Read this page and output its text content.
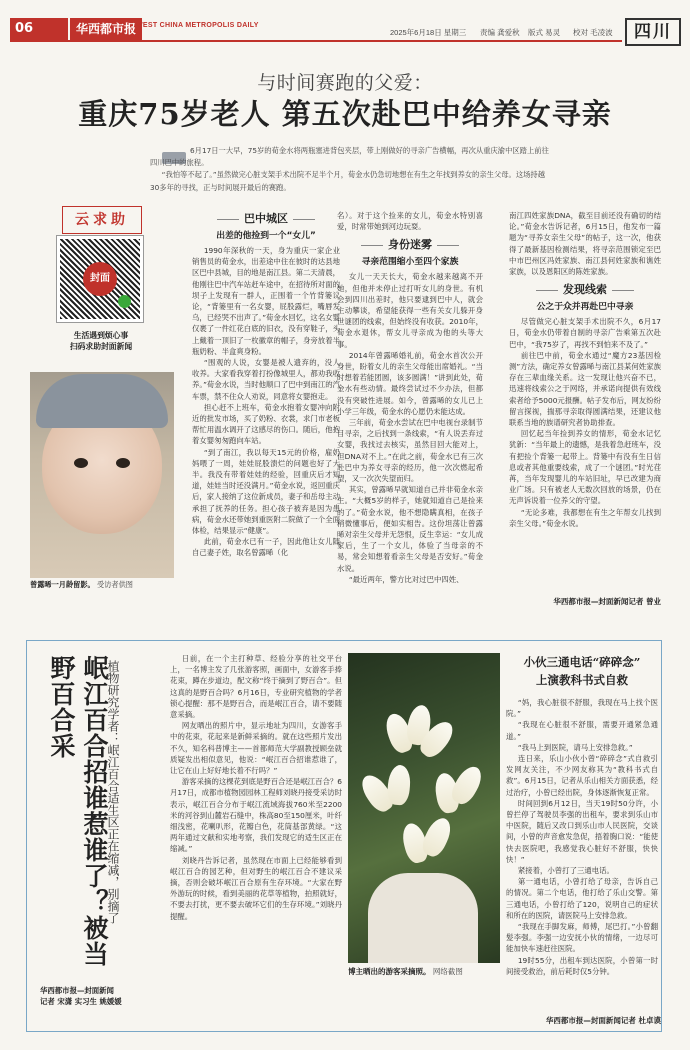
06	华西都市报 WEST CHINA METROPOLIS DAILY
2025年6月18日 星期三 责编 龚爱秋 版式 易灵 校对 毛凌波	四川
与时间赛跑的父爱：
重庆75岁老人 第五次赴巴中给养女寻亲

6月17日一大早，75岁的荀金水将两瓶塞进背包夹层，带上刚做好的寻亲广告横幅，再次从重庆渝中区踏上前往四川巴中的旅程。

“我怕等不起了。”虽然做完心脏支架手术出院不足半个月，荀金水仍急切地想在有生之年找到养女的亲生父母。这场持越30多年的寻找，正与时间展开最后的赛跑。

云求助
封面
生活遇到烦心事
扫码求助封面新闻
曾露晞一月龄留影。 受访者供图
巴中城区
出差的他捡到一个“女儿”

1990年深秋的一天，身为重庆一家企业销售员的荀金水，出差途中住在彼时的达县地区巴中县城，目的地是南江县。第二天清晨，他刚往巴中汽车站赶车途中，在招待所对面的坝子上发现有一群人，正围着一个竹背篓议论，“背篓里有一名女婴，屁股露烂，嘴唇发乌，已经哭不出声了。”荀金水回忆，这名女婴仅裹了一件红花白底的旧衣，没有穿鞋子，头上戴着一顶旧了一枚徽章的帽子，身旁放着半瓶奶粉、半盒爽身粉。

“围观的人说，女婴是被人遗弃的，没人收养。大家看我穿着打扮像城里人，都劝我收养。”荀金水说，当时他顺口了巴中到南江的汽车票，禁不住众人劝说，同意将女婴抱走。

担心赶不上班车，荀金水抱着女婴冲向附近的批发市场，买了奶粉、衣裳，求门市老板帮忙用温水调开了这感尽的伤口。随后，他抱着女婴匆匆跑向车站。

“到了南江，我以每天15元的价格，雇奶妈喂了一周，娃娃屁股溃烂的问题也好了大半。我没有带着娃娃的经验，回重庆后才知道，娃娃当时还没满月。”荀金水说，返回重庆后，家人接纳了这位新成员，妻子和岳母主动承担了抚养的任务。担心孩子被弃是因为患病，荀金水还带她到重医附二院做了一个全面体检，结果显示“健康”。

此前，荀金水已有一子，因此他让女儿随自己妻子姓，取名曾露晞（化

名）。对于这个捡来的女儿，荀金水特别喜爱，时常带她到河边玩耍。

身份迷雾
寻亲范围缩小至四个家族

女儿一天天长大，荀金水越来越离不开她，但他并未停止过打听女儿的身世。有机会到四川出差时，他只要逮到巴中人，就会主动攀谈，希望能获得一些有关女儿躲开身世谜团的线索，但始终没有收获。2010年，荀金水退休，帮女儿寻亲成为他的头等大事。

2014年曾露晞婚礼前，荀金水首次公开身世，盼着女儿的亲生父母能出席婚礼。“当时想着若能团圆，该多圆满！”讲到此处，荀金水有些动情。最终尝试过不少办法，但都没有突破性进展。如今，曾露晞的女儿已上小学三年级，荀金水的心愿仍未能达成。

三年前，荀金水尝试在巴中电视台录制节目寻亲，之后找到一条线索，“有人说丢弃过女婴，我找过去核实，虽然目回大能对上，但DNA对不上。”在此之前，荀金水已有三次赴巴中为养女寻亲的经历，他一次次燃起希望，又一次次失望而归。

其实，曾露晞早就知道自己并非荀金水亲生。“大概5岁的样子，她就知道自己是捡来的了。”荀金水说，他不想隐瞒真相，在孩子稍微懂事后，便如实相告。这份坦荡让曾露晞对亲生父母并无怨恨，反生幸运：“女儿成家后，生了一个女儿，体验了当母亲的不易，常会知想着看亲生父母是否安好。”荀金水说。

“最近两年，警方比对过巴中四姓、

南江四姓家族DNA，截至目前还没有确切的结论。”荀金水告诉记者，6月15日，他发布一篇题为“寻养女亲生父母”的帖子，这一次，他获得了最新基因检测结果，将寻亲范围锁定至巴中市巴州区冯姓家族、南江县何姓家族和谯姓家族，以及恩阳区的陈姓家族。

发现线索
公之于众并再赴巴中寻亲

尽管做完心脏支架手术出院不久，6月17日，荀金水仍带着自制的寻亲广告乘第五次赴巴中，“我75岁了，再找不到怕来不及了。”

前往巴中前，荀金水通过“魔方23基因检测”方法，确定养女曾露晞与南江县某何姓家族存在三辈血缘关系。这一发现让他兴奋不已，迅速将线索公之于网络，并承诺向提供有效线索者给予5000元报酬。帖子发布后，网友纷纷留言探视，揣那寻亲取得圆满结果，还建议他联系当地的族谱研究者协助排查。

回忆起当年捡到养女的情形，荀金水记忆犹新：“当年最上的遗憾，是我着急赶班车，没有把捡个背篓一起带上。背篓中有没有生日信息或者其他重要线索，成了一个谜团。”时光荏苒，当年发现婴儿的车站旧址，早已改建为商业广场。只有被老人无数次回放的场景，仍在无声诉说着一位养父的守望。

“无论多难，我都想在有生之年帮女儿找到亲生父母。”荀金水说。

华西都市报—封面新闻记者 曾业
岷江百合招谁惹谁了？被当野百合采	植物研究学者：岷江百合适生区正在缩减，别摘了
华西都市报—封面新闻
记者 宋潇 实习生 姚媛媛

日前，在一个主打种草、经验分享的社交平台上，一名博主发了几张游客照，画面中，女游客手捧花束，蹲在步道边，配文称“终于摘到了野百合”。但这真的是野百合吗？6月16日，专业研究植物的学者锁心提醒：那不是野百合，而是岷江百合，请不要随意采摘。

网友晒出的照片中，显示地址为四川，女游客手中的花束，花起来是新鲜采摘的。就在这些照片发出不久，知名科普博主——首都师范大学副教授顾垒就质疑发出相似意见，他说：“岷江百合招谁惹谁了，让它在山上好好地长着不行吗？”

游客采摘的这棵花到底是野百合还是岷江百合？6月17日，成都市植物园园林工程师刘晓丹接受采访时表示，岷江百合分布于岷江流域海拔760米至2200米的河谷到山麓岩石缝中，株高80至150厘米，叶纤细浅密，花喇叭形，花瓣白色，花筒基部黄绿。“这两年通过文献和实地考察，我们发现它的适生区正在缩减。”

刘晓丹告诉记者，虽然现在市面上已经能够看到岷江百合的园艺种，但对野生的岷江百合不建议采摘，否则会破坏岷江百合原有生存环境。“大家在野外游玩的时候，看到美丽的花草等植物，拍照就好，不要去打扰，更不要去破坏它们的生存环境。”刘晓丹提醒。

博主晒出的游客采摘照。 网络截图
小伙三通电话“碎碎念”
上演教科书式自救

“妈，我心脏很不舒服，我现在马上找个医院。”

“我现在心脏很不舒服，需要开通紧急通道。”

“我马上到医院，请马上安排急救。”

连日来，乐山小伙小曾“碎碎念”式自救引发网友关注，不少网友称其为“教科书式自救”。6月15日，记者从乐山相关方面获悉，经过治疗，小曾已经出院，身体逐渐恢复正常。

时间回到6月12日，当天19时50分许，小曾拦停了驾驶员李强的出租车，要求到乐山市中医院，随后又改口到乐山市人民医院，交谈间，小曾的声音愈发急促，捂着胸口说：“能使快去医院吧，我感觉我心脏好不舒服，快快快！”

紧接着，小曾打了三通电话。

第一通电话，小曾打给了母亲，告诉自己的情况。第二个电话，他打给了乐山交警。第三通电话，小曾打给了120，说明自己的症状和所在的医院，请医院马上安排急救。

“我现在手脚发麻，师傅，尾巴打。”小曾翻髪李强。李强一边安抚小伙的情绪，一边尽可能加快车速赶往医院。

19时55分，出租车到达医院，小曾第一时间接受救治，前后耗时仅5分钟。

华西都市报—封面新闻记者 杜卓谟
